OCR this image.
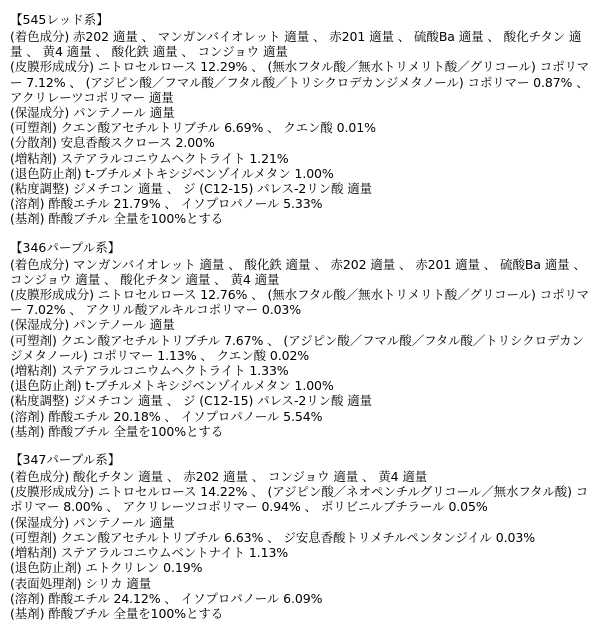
【545レッド系】

(着色成分) 赤202 適量 、 マンガンバイオレット 適量 、 赤201 適量 、 硫酸Ba 適量 、 酸化チタン 適量 、 黄4 適量 、 酸化鉄 適量 、 コンジョウ 適量

(皮膜形成成分) ニトロセルロース 12.29% 、 (無水フタル酸／無水トリメリト酸／グリコール) コポリマー 7.12% 、 (アジピン酸／フマル酸／フタル酸／トリシクロデカンジメタノール) コポリマー 0.87% 、 アクリレーツコポリマー 適量

(保湿成分) パンテノール 適量

(可塑剤) クエン酸アセチルトリブチル 6.69% 、 クエン酸 0.01%

(分散剤) 安息香酸スクロース 2.00%

(増粘剤) ステアラルコニウムヘクトライト 1.21%

(退色防止剤) t-ブチルメトキシジベンゾイルメタン 1.00%

(粘度調整) ジメチコン 適量 、 ジ (C12-15) パレス-2リン酸 適量

(溶剤) 酢酸エチル 21.79% 、 イソプロパノール 5.33%

(基剤) 酢酸ブチル 全量を100%とする

【346パープル系】

(着色成分) マンガンバイオレット 適量 、 酸化鉄 適量 、 赤202 適量 、 赤201 適量 、 硫酸Ba 適量 、 コンジョウ 適量 、 酸化チタン 適量 、 黄4 適量

(皮膜形成成分) ニトロセルロース 12.76% 、 (無水フタル酸／無水トリメリト酸／グリコール) コポリマー 7.02% 、 アクリル酸アルキルコポリマー 0.03%

(保湿成分) パンテノール 適量

(可塑剤) クエン酸アセチルトリブチル 7.67% 、 (アジピン酸／フマル酸／フタル酸／トリシクロデカンジメタノール) コポリマー 1.13% 、 クエン酸 0.02%

(増粘剤) ステアラルコニウムヘクトライト 1.33%

(退色防止剤) t-ブチルメトキシジベンゾイルメタン 1.00%

(粘度調整) ジメチコン 適量 、 ジ (C12-15) パレス-2リン酸 適量

(溶剤) 酢酸エチル 20.18% 、 イソプロパノール 5.54%

(基剤) 酢酸ブチル 全量を100%とする

【347パープル系】

(着色成分) 酸化チタン 適量 、 赤202 適量 、 コンジョウ 適量 、 黄4 適量

(皮膜形成成分) ニトロセルロース 14.22% 、 (アジピン酸／ネオペンチルグリコール／無水フタル酸) コポリマー 8.00% 、 アクリレーツコポリマー 0.94% 、 ポリビニルブチラール 0.05%

(保湿成分) パンテノール 適量

(可塑剤) クエン酸アセチルトリブチル 6.63% 、 ジ安息香酸トリメチルペンタンジイル 0.03%

(増粘剤) ステアラルコニウムベントナイト 1.13%

(退色防止剤) エトクリレン 0.19%

(表面処理剤) シリカ 適量

(溶剤) 酢酸エチル 24.12% 、 イソプロパノール 6.09%

(基剤) 酢酸ブチル 全量を100%とする
